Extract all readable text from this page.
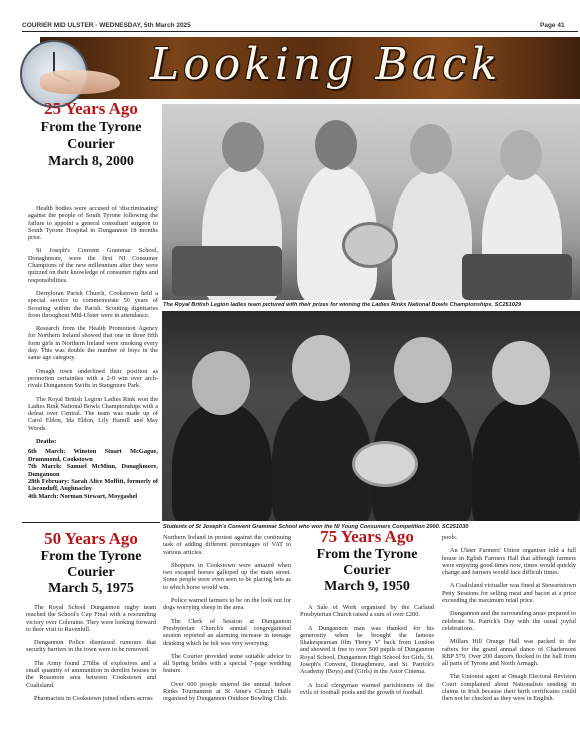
COURIER MID ULSTER - WEDNESDAY, 5th March 2025	Page 41
Looking Back
25 Years Ago
From the Tyrone Courier
March 8, 2000

Health bodies were accused of 'discriminating' against the people of South Tyrone following the failure to appoint a general consultant surgeon to South Tyrone Hospital in Dungannon 18 months prior.

St Joseph's Convent Grammar School, Donaghmore, were the first NI Consumer Champions of the new millennium after they were quizzed on their knowledge of consumer rights and responsibilities.

Derryloran Parish Church, Cookstown held a special service to commemorate 50 years of Scouting within the Parish. Scouting dignitaries from throughout Mid-Ulster were in attendance.

Research from the Health Promotion Agency for Northern Ireland showed that one in three fifth form girls in Northern Ireland were smoking every day. This was double the number of boys in the same age category.

Omagh town underlined their position as promotion certainties with a 2-0 win over arch-rivals Dungannon Swifts in Stangmore Park.

The Royal British Legion Ladies Rink won the Ladies Rink National Bowls Championships with a defeat over Central. The team was made up of Carol Eldon, Ida Eldon, Lily Hamill and May Woods.

Deaths:
6th March: Winston Stuart McGague, Drummond, Cookstown
7th March: Samuel McMinn, Donaghmore, Dungannon
28th February: Sarah Alice Moffitt, formerly of Lisconduff, Aughnacloy
4th March: Norman Stewart, Moygashel
The Royal British Legion ladies team pictured with their prizes for winning the Ladies Rinks National Bowls Championships. SC251029
Students of St Joseph's Convent Grammar School who won the NI Young Consumers Competition 2000. SC251030
50 Years Ago
From the Tyrone Courier
March 5, 1975

The Royal School Dungannon rugby team reached the School's Cup Final with a resounding victory over Coleraine. They were looking forward to their visit to Ravenhill.

Dungannon Police dismissed rumours that security barriers in the town were to be removed.

The Army found 270lbs of explosives and a small quantity of ammunition in derelict houses in the Rossmore area between Cookstown and Coalisland.

Pharmacists in Cookstown joined others across

Northern Ireland in protest against the continuing task of adding different percentages of VAT to various articles.

Shoppers in Cookstown were amazed when two escaped horses galloped up the main street. Some people were even seen to be placing bets as to which horse would win.

Police warned farmers to be on the look out for dogs worrying sheep in the area.

The Clerk of Session at Dungannon Presbyterian Church's annual congregational session reported an alarming increase in teenage drinking which he felt was very worrying.

The Courier provided some suitable advice to all Spring brides with a special 7-page wedding feature.

Over 600 people entered the annual Indoor Rinks Tournament at St Anne's Church Halls organised by Dungannon Outdoor Bowling Club.

75 Years Ago
From the Tyrone Courier
March 9, 1950

A Sale of Work organised by the Carland Presbyterian Church raised a sum of over £200.

A Dungannon man was thanked for his generosity when he brought the famous Shakespearean film 'Henry V' back from London and showed it free to over 500 pupils of Dungannon Royal School, Dungannon High School for Girls, St. Joseph's Convent, Donaghmore, and St. Patrick's Academy (Boys) and (Girls) in the Astor Cinema.

A local clergyman warned parishioners of the evils of football pools and the growth of football

pools.

An Ulster Farmers' Union organiser told a full house in Eglish Farmers Hall that although farmers were enjoying good times now, times would quickly change and farmers would face difficult times.

A Coalisland victualler was fined at Stewartstown Petty Sessions for selling meat and bacon at a price exceeding the maximum retail price.

Dungannon and the surrounding areas prepared to celebrate St. Patrick's Day with the usual joyful celebrations.

Millars Hill Orange Hall was packed to the rafters for the grand annual dance of Charlemont RBP 579. Over 200 dancers flocked to the hall from all parts of Tyrone and North Armagh.

The Unionist agent at Omagh Electoral Revision Court complained about Nationalists sending in claims in Irish because their birth certificates could then not be checked as they were in English.
